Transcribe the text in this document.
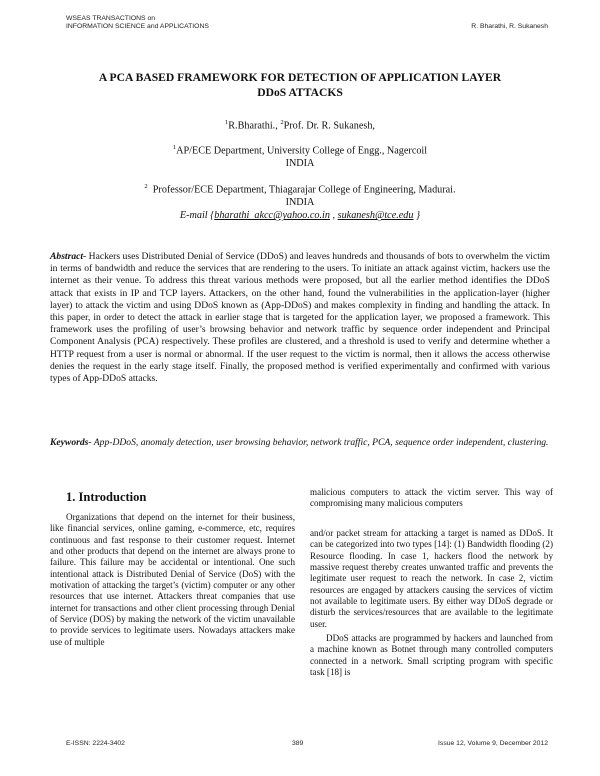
WSEAS TRANSACTIONS on
INFORMATION SCIENCE and APPLICATIONS	R. Bharathi, R. Sukanesh
A PCA BASED FRAMEWORK FOR DETECTION OF APPLICATION LAYER
DDoS ATTACKS
$^1$R.Bharathi., $^2$Prof. Dr. R. Sukanesh,
$^1$AP/ECE Department, University College of Engg., Nagercoil
INDIA
$^2$ Professor/ECE Department, Thiagarajar College of Engineering, Madurai.
INDIA
E-mail {bharathi_akcc@yahoo.co.in , sukanesh@tce.edu }
Abstract- Hackers uses Distributed Denial of Service (DDoS) and leaves hundreds and thousands of bots to overwhelm the victim in terms of bandwidth and reduce the services that are rendering to the users. To initiate an attack against victim, hackers use the internet as their venue. To address this threat various methods were proposed, but all the earlier method identifies the DDoS attack that exists in IP and TCP layers. Attackers, on the other hand, found the vulnerabilities in the application-layer (higher layer) to attack the victim and using DDoS known as (App-DDoS) and makes complexity in finding and handling the attack. In this paper, in order to detect the attack in earlier stage that is targeted for the application layer, we proposed a framework. This framework uses the profiling of user’s browsing behavior and network traffic by sequence order independent and Principal Component Analysis (PCA) respectively. These profiles are clustered, and a threshold is used to verify and determine whether a HTTP request from a user is normal or abnormal. If the user request to the victim is normal, then it allows the access otherwise denies the request in the early stage itself. Finally, the proposed method is verified experimentally and confirmed with various types of App-DDoS attacks.
Keywords- App-DDoS, anomaly detection, user browsing behavior, network traffic, PCA, sequence order independent, clustering.
1. Introduction

Organizations that depend on the internet for their business, like financial services, online gaming, e-commerce, etc, requires continuous and fast response to their customer request. Internet and other products that depend on the internet are always prone to failure. This failure may be accidental or intentional. One such intentional attack is Distributed Denial of Service (DoS) with the motivation of attacking the target’s (victim) computer or any other resources that use internet. Attackers threat companies that use internet for transactions and other client processing through Denial of Service (DOS) by making the network of the victim unavailable to provide services to legitimate users. Nowadays attackers make use of multiple

malicious computers to attack the victim server. This way of compromising many malicious computers

and/or packet stream for attacking a target is named as DDoS. It can be categorized into two types [14]: (1) Bandwidth flooding (2) Resource flooding. In case 1, hackers flood the network by massive request thereby creates unwanted traffic and prevents the legitimate user request to reach the network. In case 2, victim resources are engaged by attackers causing the services of victim not available to legitimate users. By either way DDoS degrade or disturb the services/resources that are available to the legitimate user.

DDoS attacks are programmed by hackers and launched from a machine known as Botnet through many controlled computers connected in a network. Small scripting program with specific task [18] is

E-ISSN: 2224-3402	389	Issue 12, Volume 9, December 2012
